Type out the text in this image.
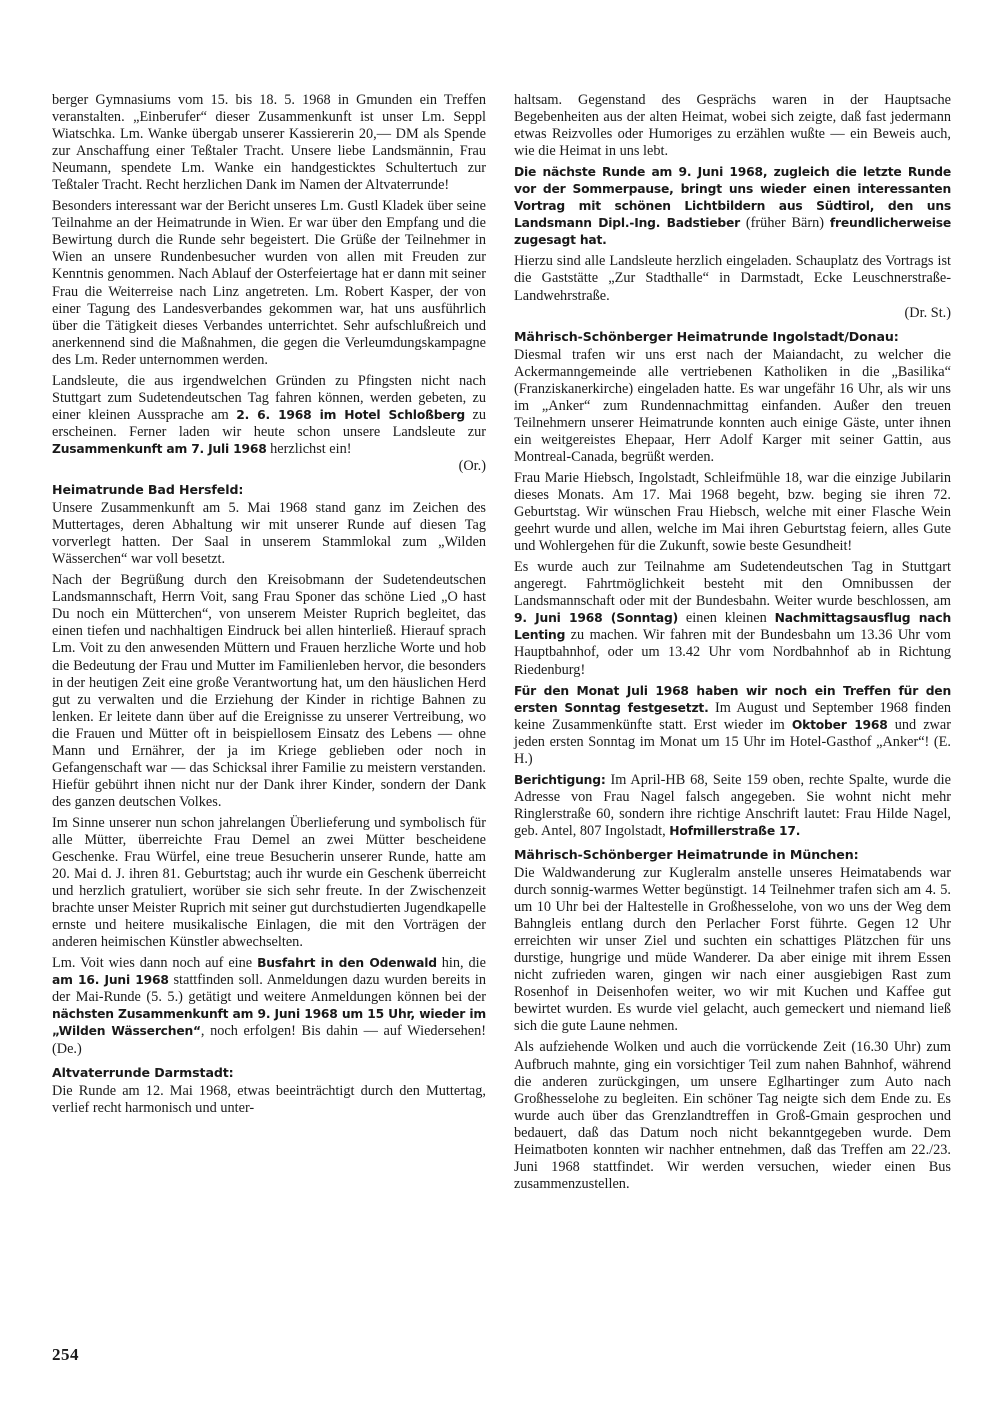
berger Gymnasiums vom 15. bis 18. 5. 1968 in Gmunden ein Treffen veranstalten. „Einberufer“ dieser Zusammenkunft ist unser Lm. Seppl Wiatschka. Lm. Wanke übergab unserer Kassiererin 20,— DM als Spende zur Anschaffung einer Teßtaler Tracht. Unsere liebe Landsmännin, Frau Neumann, spendete Lm. Wanke ein handgesticktes Schultertuch zur Teßtaler Tracht. Recht herzlichen Dank im Namen der Altvaterrunde!

Besonders interessant war der Bericht unseres Lm. Gustl Kladek über seine Teilnahme an der Heimatrunde in Wien. Er war über den Empfang und die Bewirtung durch die Runde sehr begeistert. Die Grüße der Teilnehmer in Wien an unsere Rundenbesucher wurden von allen mit Freuden zur Kenntnis genommen. Nach Ablauf der Osterfeiertage hat er dann mit seiner Frau die Weiterreise nach Linz angetreten. Lm. Robert Kasper, der von einer Tagung des Landesverbandes gekommen war, hat uns ausführlich über die Tätigkeit dieses Verbandes unterrichtet. Sehr aufschlußreich und anerkennend sind die Maßnahmen, die gegen die Verleumdungskampagne des Lm. Reder unternommen werden.

Landsleute, die aus irgendwelchen Gründen zu Pfingsten nicht nach Stuttgart zum Sudetendeutschen Tag fahren können, werden gebeten, zu einer kleinen Aussprache am 2. 6. 1968 im Hotel Schloßberg zu erscheinen. Ferner laden wir heute schon unsere Landsleute zur Zusammenkunft am 7. Juli 1968 herzlichst ein!
(Or.)

Heimatrunde Bad Hersfeld:

Unsere Zusammenkunft am 5. Mai 1968 stand ganz im Zeichen des Muttertages, deren Abhaltung wir mit unserer Runde auf diesen Tag vorverlegt hatten. Der Saal in unserem Stammlokal zum „Wilden Wässerchen“ war voll besetzt.

Nach der Begrüßung durch den Kreisobmann der Sudetendeutschen Landsmannschaft, Herrn Voit, sang Frau Sponer das schöne Lied „O hast Du noch ein Mütterchen“, von unserem Meister Ruprich begleitet, das einen tiefen und nachhaltigen Eindruck bei allen hinterließ. Hierauf sprach Lm. Voit zu den anwesenden Müttern und Frauen herzliche Worte und hob die Bedeutung der Frau und Mutter im Familienleben hervor, die besonders in der heutigen Zeit eine große Verantwortung hat, um den häuslichen Herd gut zu verwalten und die Erziehung der Kinder in richtige Bahnen zu lenken. Er leitete dann über auf die Ereignisse zu unserer Vertreibung, wo die Frauen und Mütter oft in beispiellosem Einsatz des Lebens — ohne Mann und Ernährer, der ja im Kriege geblieben oder noch in Gefangenschaft war — das Schicksal ihrer Familie zu meistern verstanden. Hiefür gebührt ihnen nicht nur der Dank ihrer Kinder, sondern der Dank des ganzen deutschen Volkes.

Im Sinne unserer nun schon jahrelangen Überlieferung und symbolisch für alle Mütter, überreichte Frau Demel an zwei Mütter bescheidene Geschenke. Frau Würfel, eine treue Besucherin unserer Runde, hatte am 20. Mai d. J. ihren 81. Geburtstag; auch ihr wurde ein Geschenk überreicht und herzlich gratuliert, worüber sie sich sehr freute. In der Zwischenzeit brachte unser Meister Ruprich mit seiner gut durchstudierten Jugendkapelle ernste und heitere musikalische Einlagen, die mit den Vorträgen der anderen heimischen Künstler abwechselten.

Lm. Voit wies dann noch auf eine Busfahrt in den Odenwald hin, die am 16. Juni 1968 stattfinden soll. Anmeldungen dazu wurden bereits in der Mai-Runde (5. 5.) getätigt und weitere Anmeldungen können bei der nächsten Zusammenkunft am 9. Juni 1968 um 15 Uhr, wieder im „Wilden Wässerchen“, noch erfolgen! Bis dahin — auf Wiedersehen! (De.)

Altvaterrunde Darmstadt:

Die Runde am 12. Mai 1968, etwas beeinträchtigt durch den Muttertag, verlief recht harmonisch und unter-

haltsam. Gegenstand des Gesprächs waren in der Hauptsache Begebenheiten aus der alten Heimat, wobei sich zeigte, daß fast jedermann etwas Reizvolles oder Humoriges zu erzählen wußte — ein Beweis auch, wie die Heimat in uns lebt.

Die nächste Runde am 9. Juni 1968, zugleich die letzte Runde vor der Sommerpause, bringt uns wieder einen interessanten Vortrag mit schönen Lichtbildern aus Südtirol, den uns Landsmann Dipl.-Ing. Badstieber (früher Bärn) freundlicherweise zugesagt hat.

Hierzu sind alle Landsleute herzlich eingeladen. Schauplatz des Vortrags ist die Gaststätte „Zur Stadthalle“ in Darmstadt, Ecke Leuschnerstraße-Landwehrstraße.
(Dr. St.)

Mährisch-Schönberger Heimatrunde Ingolstadt/Donau:

Diesmal trafen wir uns erst nach der Maiandacht, zu welcher die Ackermanngemeinde alle vertriebenen Katholiken in die „Basilika“ (Franziskanerkirche) eingeladen hatte. Es war ungefähr 16 Uhr, als wir uns im „Anker“ zum Rundennachmittag einfanden. Außer den treuen Teilnehmern unserer Heimatrunde konnten auch einige Gäste, unter ihnen ein weitgereistes Ehepaar, Herr Adolf Karger mit seiner Gattin, aus Montreal-Canada, begrüßt werden.

Frau Marie Hiebsch, Ingolstadt, Schleifmühle 18, war die einzige Jubilarin dieses Monats. Am 17. Mai 1968 begeht, bzw. beging sie ihren 72. Geburtstag. Wir wünschen Frau Hiebsch, welche mit einer Flasche Wein geehrt wurde und allen, welche im Mai ihren Geburtstag feiern, alles Gute und Wohlergehen für die Zukunft, sowie beste Gesundheit!

Es wurde auch zur Teilnahme am Sudetendeutschen Tag in Stuttgart angeregt. Fahrtmöglichkeit besteht mit den Omnibussen der Landsmannschaft oder mit der Bundesbahn. Weiter wurde beschlossen, am 9. Juni 1968 (Sonntag) einen kleinen Nachmittagsausflug nach Lenting zu machen. Wir fahren mit der Bundesbahn um 13.36 Uhr vom Hauptbahnhof, oder um 13.42 Uhr vom Nordbahnhof ab in Richtung Riedenburg!

Für den Monat Juli 1968 haben wir noch ein Treffen für den ersten Sonntag festgesetzt. Im August und September 1968 finden keine Zusammenkünfte statt. Erst wieder im Oktober 1968 und zwar jeden ersten Sonntag im Monat um 15 Uhr im Hotel-Gasthof „Anker“! (E. H.)

Berichtigung: Im April-HB 68, Seite 159 oben, rechte Spalte, wurde die Adresse von Frau Nagel falsch angegeben. Sie wohnt nicht mehr Ringlerstraße 60, sondern ihre richtige Anschrift lautet: Frau Hilde Nagel, geb. Antel, 807 Ingolstadt, Hofmillerstraße 17.

Mährisch-Schönberger Heimatrunde in München:

Die Waldwanderung zur Kugleralm anstelle unseres Heimatabends war durch sonnig-warmes Wetter begünstigt. 14 Teilnehmer trafen sich am 4. 5. um 10 Uhr bei der Haltestelle in Großhesselohe, von wo uns der Weg dem Bahngleis entlang durch den Perlacher Forst führte. Gegen 12 Uhr erreichten wir unser Ziel und suchten ein schattiges Plätzchen für uns durstige, hungrige und müde Wanderer. Da aber einige mit ihrem Essen nicht zufrieden waren, gingen wir nach einer ausgiebigen Rast zum Rosenhof in Deisenhofen weiter, wo wir mit Kuchen und Kaffee gut bewirtet wurden. Es wurde viel gelacht, auch gemeckert und niemand ließ sich die gute Laune nehmen.

Als aufziehende Wolken und auch die vorrückende Zeit (16.30 Uhr) zum Aufbruch mahnte, ging ein vorsichtiger Teil zum nahen Bahnhof, während die anderen zurückgingen, um unsere Eglhartinger zum Auto nach Großhesselohe zu begleiten. Ein schöner Tag neigte sich dem Ende zu. Es wurde auch über das Grenzlandtreffen in Groß-Gmain gesprochen und bedauert, daß das Datum noch nicht bekanntgegeben wurde. Dem Heimatboten konnten wir nachher entnehmen, daß das Treffen am 22./23. Juni 1968 stattfindet. Wir werden versuchen, wieder einen Bus zusammenzustellen.

254
